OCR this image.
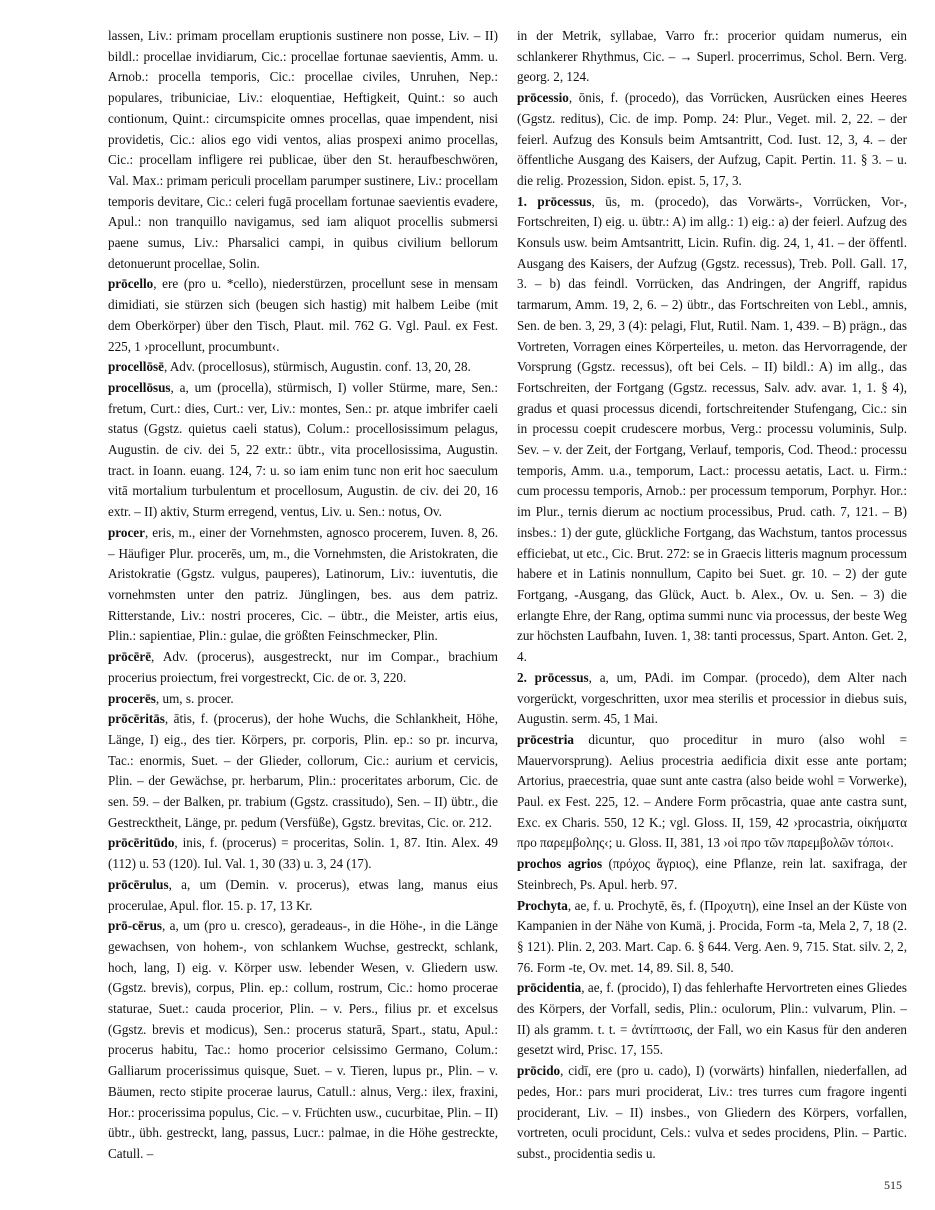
lassen, Liv.: primam procellam eruptionis sustinere non posse, Liv. – II) bildl.: procellae invidiarum, Cic.: procellae fortunae saevientis, Amm. u. Arnob.: procella temporis, Cic.: procellae civiles, Unruhen, Nep.: populares, tribuniciae, Liv.: eloquentiae, Heftigkeit, Quint.: so auch contionum, Quint.: circumspicite omnes procellas, quae impendent, nisi providetis, Cic.: alios ego vidi ventos, alias prospexi animo procellas, Cic.: procellam infligere rei publicae, über den St. heraufbeschwören, Val. Max.: primam periculi procellam parumper sustinere, Liv.: procellam temporis devitare, Cic.: celeri fugā procellam fortunae saevientis evadere, Apul.: non tranquillo navigamus, sed iam aliquot procellis submersi paene sumus, Liv.: Pharsalici campi, in quibus civilium bellorum detonuerunt procellae, Solin.

prōcello, ere (pro u. *cello), niederstürzen, procellunt sese in mensam dimidiati, sie stürzen sich (beugen sich hastig) mit halbem Leibe (mit dem Oberkörper) über den Tisch, Plaut. mil. 762 G. Vgl. Paul. ex Fest. 225, 1 ›procellunt, procumbunt‹.

procellōsē, Adv. (procellosus), stürmisch, Augustin. conf. 13, 20, 28.

procellōsus, a, um (procella), stürmisch, I) voller Stürme, mare, Sen.: fretum, Curt.: dies, Curt.: ver, Liv.: montes, Sen.: pr. atque imbrifer caeli status (Ggstz. quietus caeli status), Colum.: procellosissimum pelagus, Augustin. de civ. dei 5, 22 extr.: übtr., vita procellosissima, Augustin. tract. in Ioann. euang. 124, 7: u. so iam enim tunc non erit hoc saeculum vitā mortalium turbulentum et procellosum, Augustin. de civ. dei 20, 16 extr. – II) aktiv, Sturm erregend, ventus, Liv. u. Sen.: notus, Ov.

procer, eris, m., einer der Vornehmsten, agnosco procerem, Iuven. 8, 26. – Häufiger Plur. procerēs, um, m., die Vornehmsten, die Aristokraten, die Aristokratie (Ggstz. vulgus, pauperes), Latinorum, Liv.: iuventutis, die vornehmsten unter den patriz. Jünglingen, bes. aus dem patriz. Ritterstande, Liv.: nostri proceres, Cic. – übtr., die Meister, artis eius, Plin.: sapientiae, Plin.: gulae, die größten Feinschmecker, Plin.

prōcērē, Adv. (procerus), ausgestreckt, nur im Compar., brachium procerius proiectum, frei vorgestreckt, Cic. de or. 3, 220.

procerēs, um, s. procer.

prōcēritās, ātis, f. (procerus), der hohe Wuchs, die Schlankheit, Höhe, Länge, I) eig., des tier. Körpers, pr. corporis, Plin. ep.: so pr. incurva, Tac.: enormis, Suet. – der Glieder, collorum, Cic.: aurium et cervicis, Plin. – der Gewächse, pr. herbarum, Plin.: proceritates arborum, Cic. de sen. 59. – der Balken, pr. trabium (Ggstz. crassitudo), Sen. – II) übtr., die Gestrecktheit, Länge, pr. pedum (Versfüße), Ggstz. brevitas, Cic. or. 212.

prōcēritūdo, inis, f. (procerus) = proceritas, Solin. 1, 87. Itin. Alex. 49 (112) u. 53 (120). Iul. Val. 1, 30 (33) u. 3, 24 (17).

prōcērulus, a, um (Demin. v. procerus), etwas lang, manus eius procerulae, Apul. flor. 15. p. 17, 13 Kr.

prō-cērus, a, um (pro u. cresco), geradeaus-, in die Höhe-, in die Länge gewachsen, von hohem-, von schlankem Wuchse, gestreckt, schlank, hoch, lang, I) eig. v. Körper usw. lebender Wesen, v. Gliedern usw. (Ggstz. brevis), corpus, Plin. ep.: collum, rostrum, Cic.: homo procerae staturae, Suet.: cauda procerior, Plin. – v. Pers., filius pr. et excelsus (Ggstz. brevis et modicus), Sen.: procerus staturā, Spart., statu, Apul.: procerus habitu, Tac.: homo procerior celsissimo Germano, Colum.: Galliarum procerissimus quisque, Suet. – v. Tieren, lupus pr., Plin. – v. Bäumen, recto stipite procerae laurus, Catull.: alnus, Verg.: ilex, fraxini, Hor.: procerissima populus, Cic. – v. Früchten usw., cucurbitae, Plin. – II) übtr., übh. gestreckt, lang, passus, Lucr.: palmae, in die Höhe gestreckte, Catull. –

in der Metrik, syllabae, Varro fr.: procerior quidam numerus, ein schlankerer Rhythmus, Cic. – → Superl. procerrimus, Schol. Bern. Verg. georg. 2, 124.

prōcessio, ōnis, f. (procedo), das Vorrücken, Ausrücken eines Heeres (Ggstz. reditus), Cic. de imp. Pomp. 24: Plur., Veget. mil. 2, 22. – der feierl. Aufzug des Konsuls beim Amtsantritt, Cod. Iust. 12, 3, 4. – der öffentliche Ausgang des Kaisers, der Aufzug, Capit. Pertin. 11. § 3. – u. die relig. Prozession, Sidon. epist. 5, 17, 3.

1. prōcessus, ūs, m. (procedo), das Vorwärts-, Vorrücken, Vor-, Fortschreiten, I) eig. u. übtr.: A) im allg.: 1) eig.: a) der feierl. Aufzug des Konsuls usw. beim Amtsantritt, Licin. Rufin. dig. 24, 1, 41. – der öffentl. Ausgang des Kaisers, der Aufzug (Ggstz. recessus), Treb. Poll. Gall. 17, 3. – b) das feindl. Vorrücken, das Andringen, der Angriff, rapidus tarmarum, Amm. 19, 2, 6. – 2) übtr., das Fortschreiten von Lebl., amnis, Sen. de ben. 3, 29, 3 (4): pelagi, Flut, Rutil. Nam. 1, 439. – B) prägn., das Vortreten, Vorragen eines Körperteiles, u. meton. das Hervorragende, der Vorsprung (Ggstz. recessus), oft bei Cels. – II) bildl.: A) im allg., das Fortschreiten, der Fortgang (Ggstz. recessus, Salv. adv. avar. 1, 1. § 4), gradus et quasi processus dicendi, fortschreitender Stufengang, Cic.: sin in processu coepit crudescere morbus, Verg.: processu voluminis, Sulp. Sev. – v. der Zeit, der Fortgang, Verlauf, temporis, Cod. Theod.: processu temporis, Amm. u.a., temporum, Lact.: processu aetatis, Lact. u. Firm.: cum processu temporis, Arnob.: per processum temporum, Porphyr. Hor.: im Plur., ternis dierum ac noctium processibus, Prud. cath. 7, 121. – B) insbes.: 1) der gute, glückliche Fortgang, das Wachstum, tantos processus efficiebat, ut etc., Cic. Brut. 272: se in Graecis litteris magnum processum habere et in Latinis nonnullum, Capito bei Suet. gr. 10. – 2) der gute Fortgang, -Ausgang, das Glück, Auct. b. Alex., Ov. u. Sen. – 3) die erlangte Ehre, der Rang, optima summi nunc via processus, der beste Weg zur höchsten Laufbahn, Iuven. 1, 38: tanti processus, Spart. Anton. Get. 2, 4.

2. prōcessus, a, um, PAdi. im Compar. (procedo), dem Alter nach vorgerückt, vorgeschritten, uxor mea sterilis et processior in diebus suis, Augustin. serm. 45, 1 Mai.

prōcestria dicuntur, quo proceditur in muro (also wohl = Mauervorsprung). Aelius procestria aedificia dixit esse ante portam; Artorius, praecestria, quae sunt ante castra (also beide wohl = Vorwerke), Paul. ex Fest. 225, 12. – Andere Form prōcastria, quae ante castra sunt, Exc. ex Charis. 550, 12 K.; vgl. Gloss. II, 159, 42 ›procastria, οἰκήματα προ παρεμβολης‹; u. Gloss. II, 381, 13 ›οἱ προ τῶν παρεμβολῶν τόποι‹.

prochos agrios (πρόχος ἄγριος), eine Pflanze, rein lat. saxifraga, der Steinbrech, Ps. Apul. herb. 97.

Prochyta, ae, f. u. Prochytē, ēs, f. (Προχυτη), eine Insel an der Küste von Kampanien in der Nähe von Kumä, j. Procida, Form -ta, Mela 2, 7, 18 (2. § 121). Plin. 2, 203. Mart. Cap. 6. § 644. Verg. Aen. 9, 715. Stat. silv. 2, 2, 76. Form -te, Ov. met. 14, 89. Sil. 8, 540.

prōcidentia, ae, f. (procido), I) das fehlerhafte Hervortreten eines Gliedes des Körpers, der Vorfall, sedis, Plin.: oculorum, Plin.: vulvarum, Plin. – II) als gramm. t. t. = ἀντίπτωσις, der Fall, wo ein Kasus für den anderen gesetzt wird, Prisc. 17, 155.

prōcido, cidī, ere (pro u. cado), I) (vorwärts) hinfallen, niederfallen, ad pedes, Hor.: pars muri prociderat, Liv.: tres turres cum fragore ingenti prociderant, Liv. – II) insbes., von Gliedern des Körpers, vorfallen, vortreten, oculi procidunt, Cels.: vulva et sedes procidens, Plin. – Partic. subst., procidentia sedis u.

515
